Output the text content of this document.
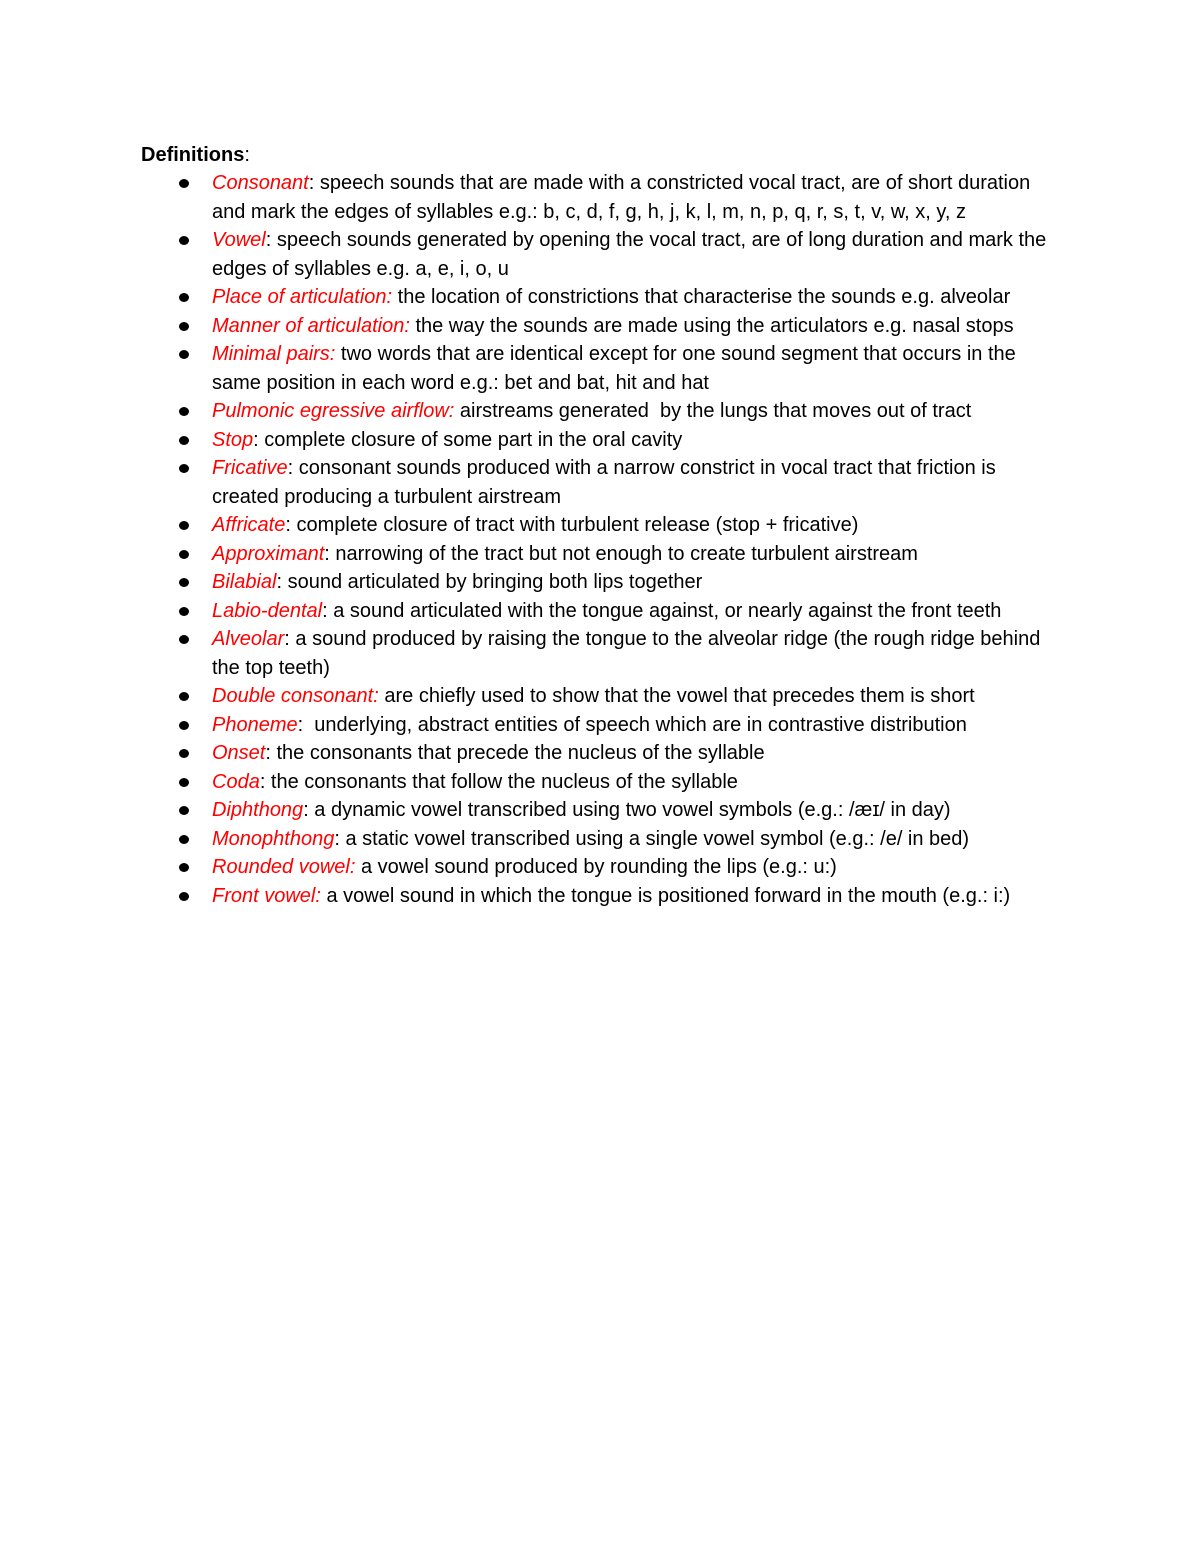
Definitions:
Consonant: speech sounds that are made with a constricted vocal tract, are of short duration and mark the edges of syllables e.g.: b, c, d, f, g, h, j, k, l, m, n, p, q, r, s, t, v, w, x, y, z
Vowel: speech sounds generated by opening the vocal tract, are of long duration and mark the edges of syllables e.g. a, e, i, o, u
Place of articulation: the location of constrictions that characterise the sounds e.g. alveolar
Manner of articulation: the way the sounds are made using the articulators e.g. nasal stops
Minimal pairs: two words that are identical except for one sound segment that occurs in the same position in each word e.g.: bet and bat, hit and hat
Pulmonic egressive airflow: airstreams generated  by the lungs that moves out of tract
Stop: complete closure of some part in the oral cavity
Fricative: consonant sounds produced with a narrow constrict in vocal tract that friction is created producing a turbulent airstream
Affricate: complete closure of tract with turbulent release (stop + fricative)
Approximant: narrowing of the tract but not enough to create turbulent airstream
Bilabial: sound articulated by bringing both lips together
Labio-dental: a sound articulated with the tongue against, or nearly against the front teeth
Alveolar: a sound produced by raising the tongue to the alveolar ridge (the rough ridge behind the top teeth)
Double consonant: are chiefly used to show that the vowel that precedes them is short
Phoneme:  underlying, abstract entities of speech which are in contrastive distribution
Onset: the consonants that precede the nucleus of the syllable
Coda: the consonants that follow the nucleus of the syllable
Diphthong: a dynamic vowel transcribed using two vowel symbols (e.g.: /æɪ/ in day)
Monophthong: a static vowel transcribed using a single vowel symbol (e.g.: /e/ in bed)
Rounded vowel: a vowel sound produced by rounding the lips (e.g.: u:)
Front vowel: a vowel sound in which the tongue is positioned forward in the mouth (e.g.: i:)
